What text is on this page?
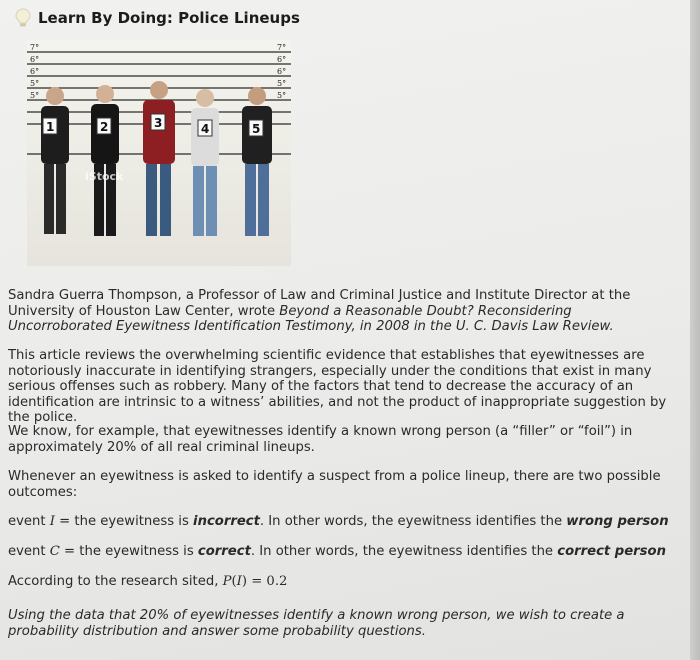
Learn By Doing: Police Lineups
7°
6°
6°
5°
5°
7°
6°
6°
5°
5°
1	2	3	4	5
iStock

Sandra Guerra Thompson, a Professor of Law and Criminal Justice and Institute Director at the University of Houston Law Center, wrote Beyond a Reasonable Doubt? Reconsidering Uncorroborated Eyewitness Identification Testimony, in 2008 in the U. C. Davis Law Review.

This article reviews the overwhelming scientific evidence that establishes that eyewitnesses are notoriously inaccurate in identifying strangers, especially under the conditions that exist in many serious offenses such as robbery. Many of the factors that tend to decrease the accuracy of an identification are intrinsic to a witness’ abilities, and not the product of inappropriate suggestion by the police.

We know, for example, that eyewitnesses identify a known wrong person (a “filler” or “foil”) in approximately 20% of all real criminal lineups.

Whenever an eyewitness is asked to identify a suspect from a police lineup, there are two possible outcomes:

event I = the eyewitness is incorrect. In other words, the eyewitness identifies the wrong person

event C = the eyewitness is correct. In other words, the eyewitness identifies the correct person

According to the research sited, P(I) = 0.2

Using the data that 20% of eyewitnesses identify a known wrong person, we wish to create a probability distribution and answer some probability questions.
